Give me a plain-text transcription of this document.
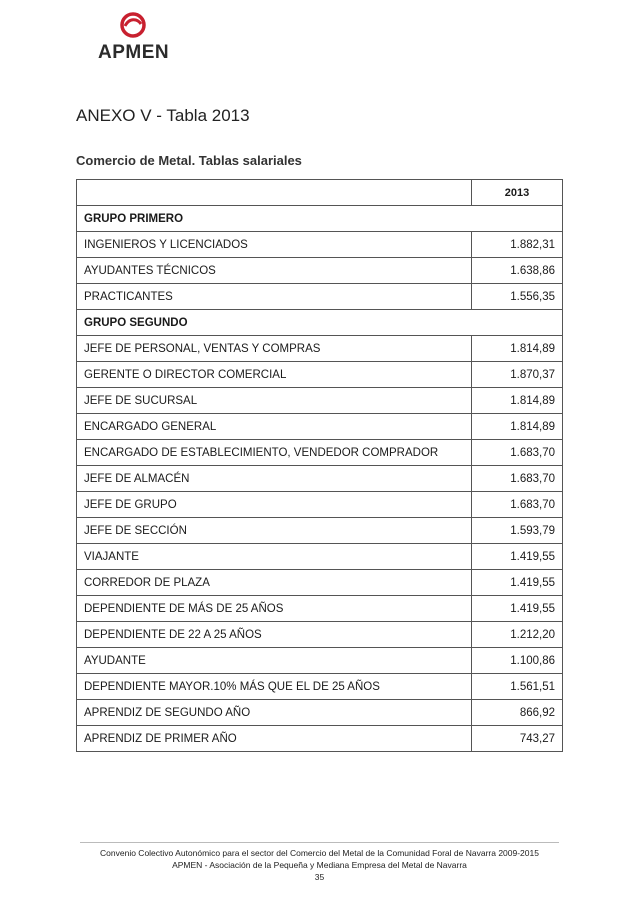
APMEN
ANEXO V - Tabla 2013
Comercio de Metal. Tablas salariales
	2013
GRUPO PRIMERO	
INGENIEROS Y LICENCIADOS	1.882,31
AYUDANTES TÉCNICOS	1.638,86
PRACTICANTES	1.556,35
GRUPO SEGUNDO	
JEFE DE PERSONAL, VENTAS Y COMPRAS	1.814,89
GERENTE O DIRECTOR COMERCIAL	1.870,37
JEFE DE SUCURSAL	1.814,89
ENCARGADO GENERAL	1.814,89
ENCARGADO DE ESTABLECIMIENTO, VENDEDOR COMPRADOR	1.683,70
JEFE DE ALMACÉN	1.683,70
JEFE DE GRUPO	1.683,70
JEFE DE SECCIÓN	1.593,79
VIAJANTE	1.419,55
CORREDOR DE PLAZA	1.419,55
DEPENDIENTE DE MÁS DE 25 AÑOS	1.419,55
DEPENDIENTE DE 22 A 25 AÑOS	1.212,20
AYUDANTE	1.100,86
DEPENDIENTE MAYOR.10% MÁS QUE EL DE 25 AÑOS	1.561,51
APRENDIZ DE SEGUNDO AÑO	866,92
APRENDIZ DE PRIMER AÑO	743,27
Convenio Colectivo Autonómico para el sector del Comercio del Metal de la Comunidad Foral de Navarra 2009-2015
APMEN - Asociación de la Pequeña y Mediana Empresa del Metal de Navarra
35
